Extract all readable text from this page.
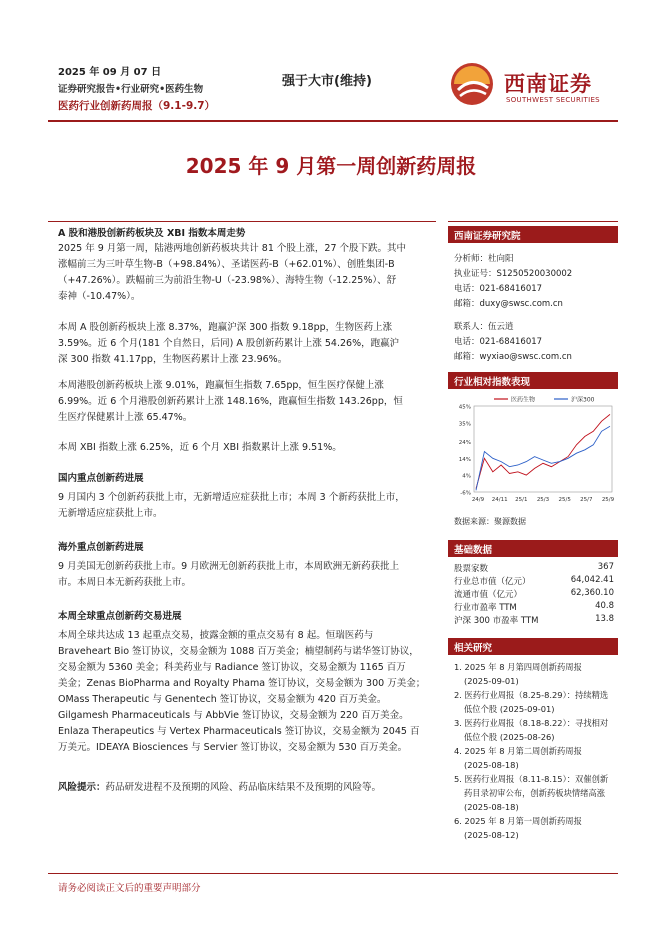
2025 年 09 月 07 日
证券研究报告•行业研究•医药生物
医药行业创新药周报（9.1-9.7）
强于大市(维持)	西南证券
SOUTHWEST SECURITIES
2025 年 9 月第一周创新药周报
A 股和港股创新药板块及 XBI 指数本周走势
2025 年 9 月第一周，陆港两地创新药板块共计 81 个股上涨，27 个股下跌。其中
涨幅前三为三叶草生物-B（+98.84%）、圣诺医药-B（+62.01%）、创胜集团-B
（+47.26%）。跌幅前三为前沿生物-U（-23.98%）、海特生物（-12.25%）、舒
泰神（-10.47%）。
本周 A 股创新药板块上涨 8.37%，跑赢沪深 300 指数 9.18pp，生物医药上涨
3.59%。近 6 个月(181 个自然日，后同) A 股创新药累计上涨 54.26%，跑赢沪
深 300 指数 41.17pp，生物医药累计上涨 23.96%。
本周港股创新药板块上涨 9.01%，跑赢恒生指数 7.65pp，恒生医疗保健上涨
6.99%。近 6 个月港股创新药累计上涨 148.16%，跑赢恒生指数 143.26pp，恒
生医疗保健累计上涨 65.47%。
本周 XBI 指数上涨 6.25%，近 6 个月 XBI 指数累计上涨 9.51%。
国内重点创新药进展
9 月国内 3 个创新药获批上市，无新增适应症获批上市；本周 3 个新药获批上市，
无新增适应症获批上市。
海外重点创新药进展
9 月美国无创新药获批上市。9 月欧洲无创新药获批上市，本周欧洲无新药获批上
市。本周日本无新药获批上市。
本周全球重点创新药交易进展
本周全球共达成 13 起重点交易，披露金额的重点交易有 8 起。恒瑞医药与
Braveheart Bio 签订协议，交易金额为 1088 百万美金；楠望制药与诺华签订协议，
交易金额为 5360 美金；科美药业与 Radiance 签订协议，交易金额为 1165 百万
美金；Zenas BioPharma and Royalty Phama 签订协议，交易金额为 300 万美金；
OMass Therapeutic 与 Genentech 签订协议，交易金额为 420 百万美金。
Gilgamesh Pharmaceuticals 与 AbbVie 签订协议，交易金额为 220 百万美金。
Enlaza Therapeutics 与 Vertex Pharmaceuticals 签订协议，交易金额为 2045 百
万美元。IDEAYA Biosciences 与 Servier 签订协议，交易金额为 530 百万美金。
风险提示：药品研发进程不及预期的风险、药品临床结果不及预期的风险等。
西南证券研究院
分析师：杜向阳
执业证号：S1250520030002
电话：021-68416017
邮箱：duxy@swsc.com.cn
联系人：伍云逍
电话：021-68416017
邮箱：wyxiao@swsc.com.cn
行业相对指数表现
45%
35%
24%
14%
4%
-6%
24/9 24/11 25/1 25/3 25/5 25/7 25/9
医药生物	沪深300
数据来源：聚源数据
基础数据
股票家数	367
行业总市值（亿元）	64,042.41
流通市值（亿元）	62,360.10
行业市盈率 TTM	40.8
沪深 300 市盈率 TTM	13.8
相关研究
1. 2025 年 8 月第四周创新药周报
(2025-09-01)
2. 医药行业周报（8.25-8.29）：持续精选
低位个股 (2025-09-01)
3. 医药行业周报（8.18-8.22）：寻找相对
低位个股 (2025-08-26)
4. 2025 年 8 月第二周创新药周报
(2025-08-18)
5. 医药行业周报（8.11-8.15）：双催创新
药目录初审公布，创新药板块情绪高涨
(2025-08-18)
6. 2025 年 8 月第一周创新药周报
(2025-08-12)
请务必阅读正文后的重要声明部分
